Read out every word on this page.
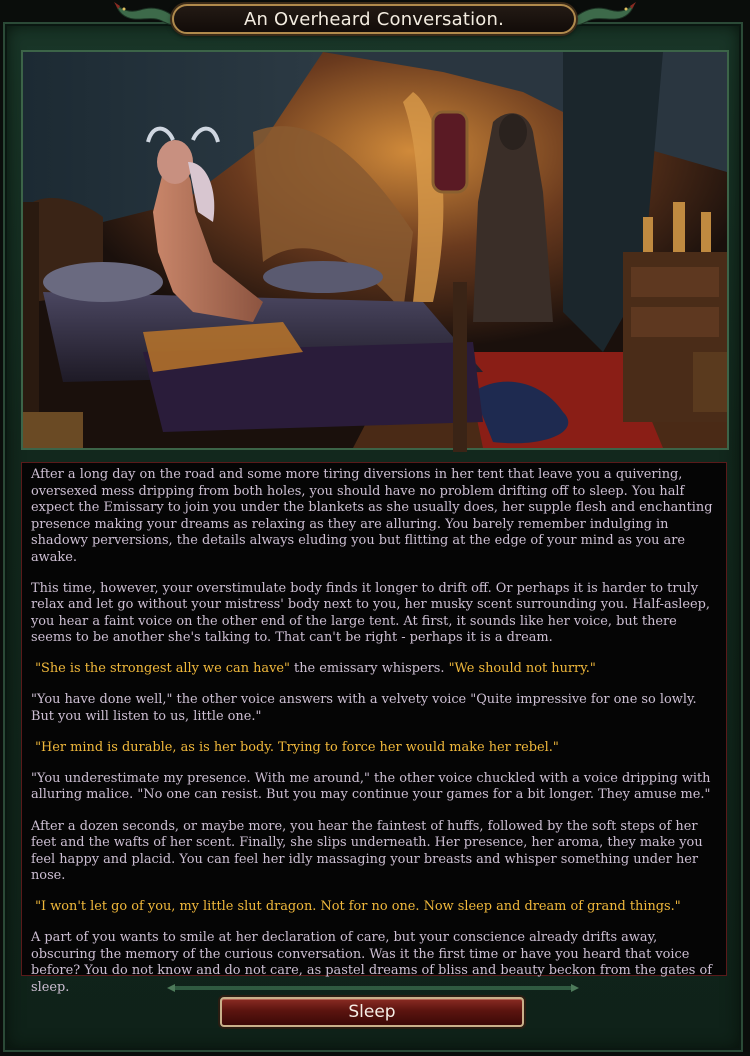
An Overheard Conversation.

After a long day on the road and some more tiring diversions in her tent that leave you a quivering, oversexed mess dripping from both holes, you should have no problem drifting off to sleep. You half expect the Emissary to join you under the blankets as she usually does, her supple flesh and enchanting presence making your dreams as relaxing as they are alluring. You barely remember indulging in shadowy perversions, the details always eluding you but flitting at the edge of your mind as you are awake.

This time, however, your overstimulate body finds it longer to drift off. Or perhaps it is harder to truly relax and let go without your mistress' body next to you, her musky scent surrounding you. Half-asleep, you hear a faint voice on the other end of the large tent. At first, it sounds like her voice, but there seems to be another she's talking to. That can't be right - perhaps it is a dream.

"She is the strongest ally we can have" the emissary whispers. "We should not hurry."

"You have done well," the other voice answers with a velvety voice "Quite impressive for one so lowly. But you will listen to us, little one."

"Her mind is durable, as is her body. Trying to force her would make her rebel."

"You underestimate my presence. With me around," the other voice chuckled with a voice dripping with alluring malice. "No one can resist. But you may continue your games for a bit longer. They amuse me."

After a dozen seconds, or maybe more, you hear the faintest of huffs, followed by the soft steps of her feet and the wafts of her scent. Finally, she slips underneath. Her presence, her aroma, they make you feel happy and placid. You can feel her idly massaging your breasts and whisper something under her nose.

"I won't let go of you, my little slut dragon. Not for no one. Now sleep and dream of grand things."

A part of you wants to smile at her declaration of care, but your conscience already drifts away, obscuring the memory of the curious conversation. Was it the first time or have you heard that voice before? You do not know and do not care, as pastel dreams of bliss and beauty beckon from the gates of sleep.

Sleep
